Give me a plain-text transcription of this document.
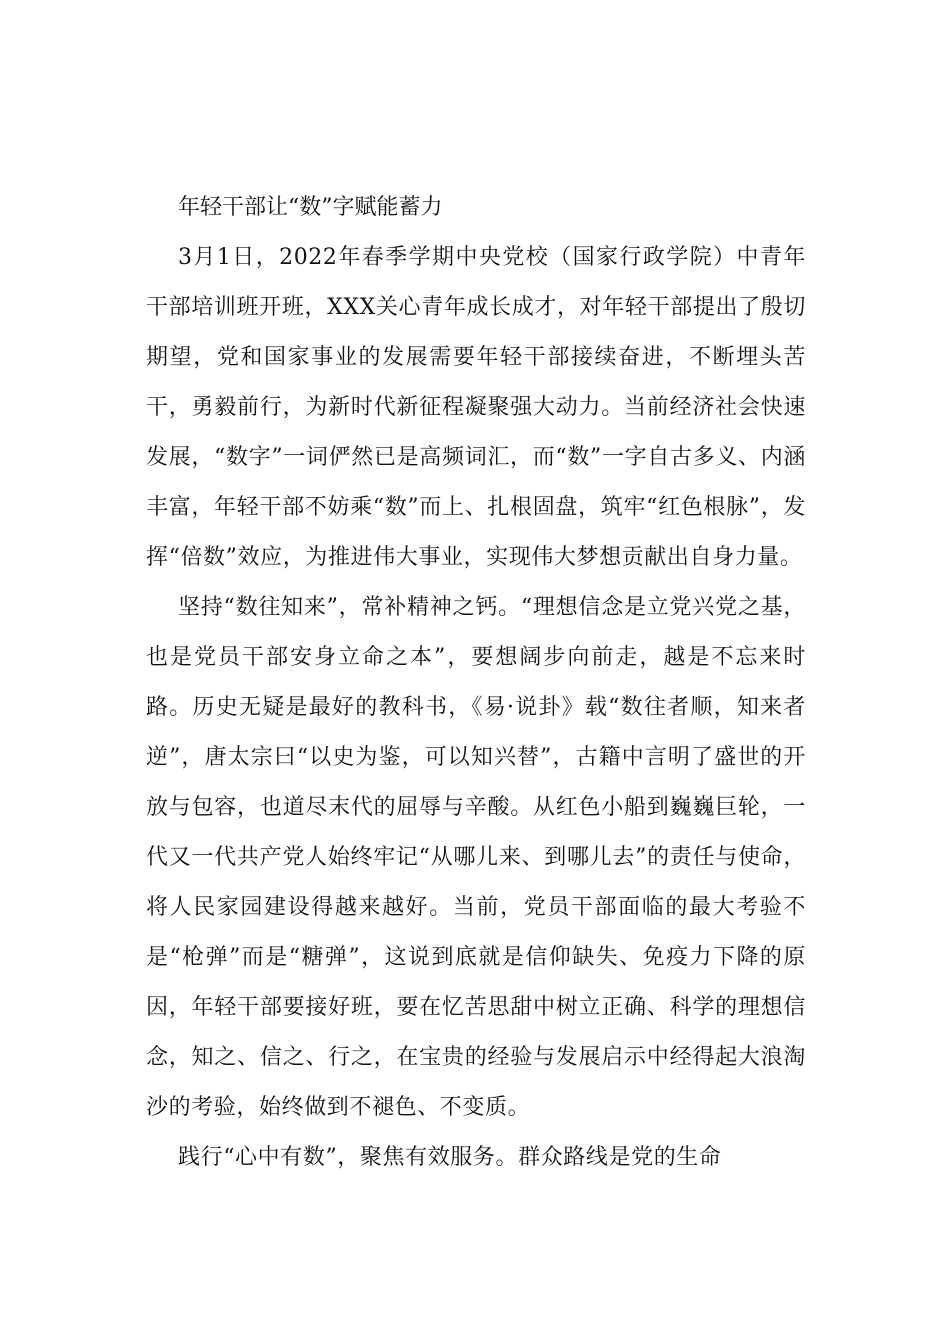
年轻干部让“数”字赋能蓄力

3月1日，2022年春季学期中央党校（国家行政学院）中青年干部培训班开班，XXX关心青年成长成才，对年轻干部提出了殷切期望，党和国家事业的发展需要年轻干部接续奋进，不断埋头苦干，勇毅前行，为新时代新征程凝聚强大动力。当前经济社会快速发展，“数字”一词俨然已是高频词汇，而“数”一字自古多义、内涵丰富，年轻干部不妨乘“数”而上、扎根固盘，筑牢“红色根脉”，发挥“倍数”效应，为推进伟大事业，实现伟大梦想贡献出自身力量。

坚持“数往知来”，常补精神之钙。“理想信念是立党兴党之基，也是党员干部安身立命之本”，要想阔步向前走，越是不忘来时路。历史无疑是最好的教科书，《易·说卦》载“数往者顺，知来者逆”，唐太宗曰“以史为鉴，可以知兴替”，古籍中言明了盛世的开放与包容，也道尽末代的屈辱与辛酸。从红色小船到巍巍巨轮，一代又一代共产党人始终牢记“从哪儿来、到哪儿去”的责任与使命，将人民家园建设得越来越好。当前，党员干部面临的最大考验不是“枪弹”而是“糖弹”，这说到底就是信仰缺失、免疫力下降的原因，年轻干部要接好班，要在忆苦思甜中树立正确、科学的理想信念，知之、信之、行之，在宝贵的经验与发展启示中经得起大浪淘沙的考验，始终做到不褪色、不变质。

践行“心中有数”，聚焦有效服务。群众路线是党的生命
